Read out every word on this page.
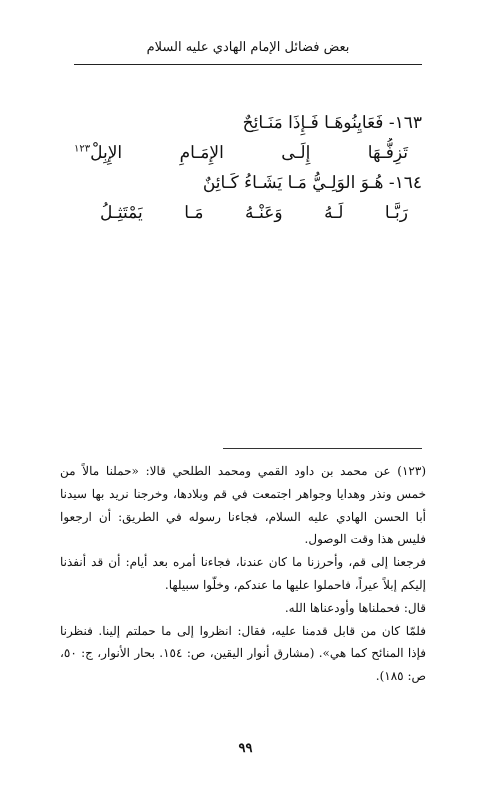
بعض فضائل الإمام الهادي عليه السلام
١٦٣- فَعَايِنُوهَـا فَـإِذَا مَنَـائِحٌ
تَزِفُّـهَا إِلَـى الإِمَـامِ الإِبِلْ$^{١٢٣}$
١٦٤- هُـوَ الوَلِـيُّ مَـا يَشَـاءُ كَـائِنٌ
رَبَّـا لَـهُ وَعَنْـهُ مَـا يَمْتَثِـلُ

(١٢٣) عن محمد بن داود القمي ومحمد الطلحي قالا: «حملنا مالاً من خمس ونذر وهدايا وجواهر اجتمعت في قم وبلادها، وخرجنا نريد بها سيدنا أبا الحسن الهادي عليه السلام، فجاءنا رسوله في الطريق: أن ارجعوا فليس هذا وقت الوصول.

فرجعنا إلى قم، وأحرزنا ما كان عندنا، فجاءنا أمره بعد أيام: أن قد أنفذنا إليكم إبلاً عيراً، فاحملوا عليها ما عندكم، وخلّوا سبيلها.

قال: فحملناها وأودعناها الله.

فلمّا كان من قابل قدمنا عليه، فقال: انظروا إلى ما حملتم إلينا. فنظرنا فإذا المنائح كما هي». (مشارق أنوار اليقين، ص: ١٥٤. بحار الأنوار، ج: ٥٠، ص: ١٨٥).

٩٩
